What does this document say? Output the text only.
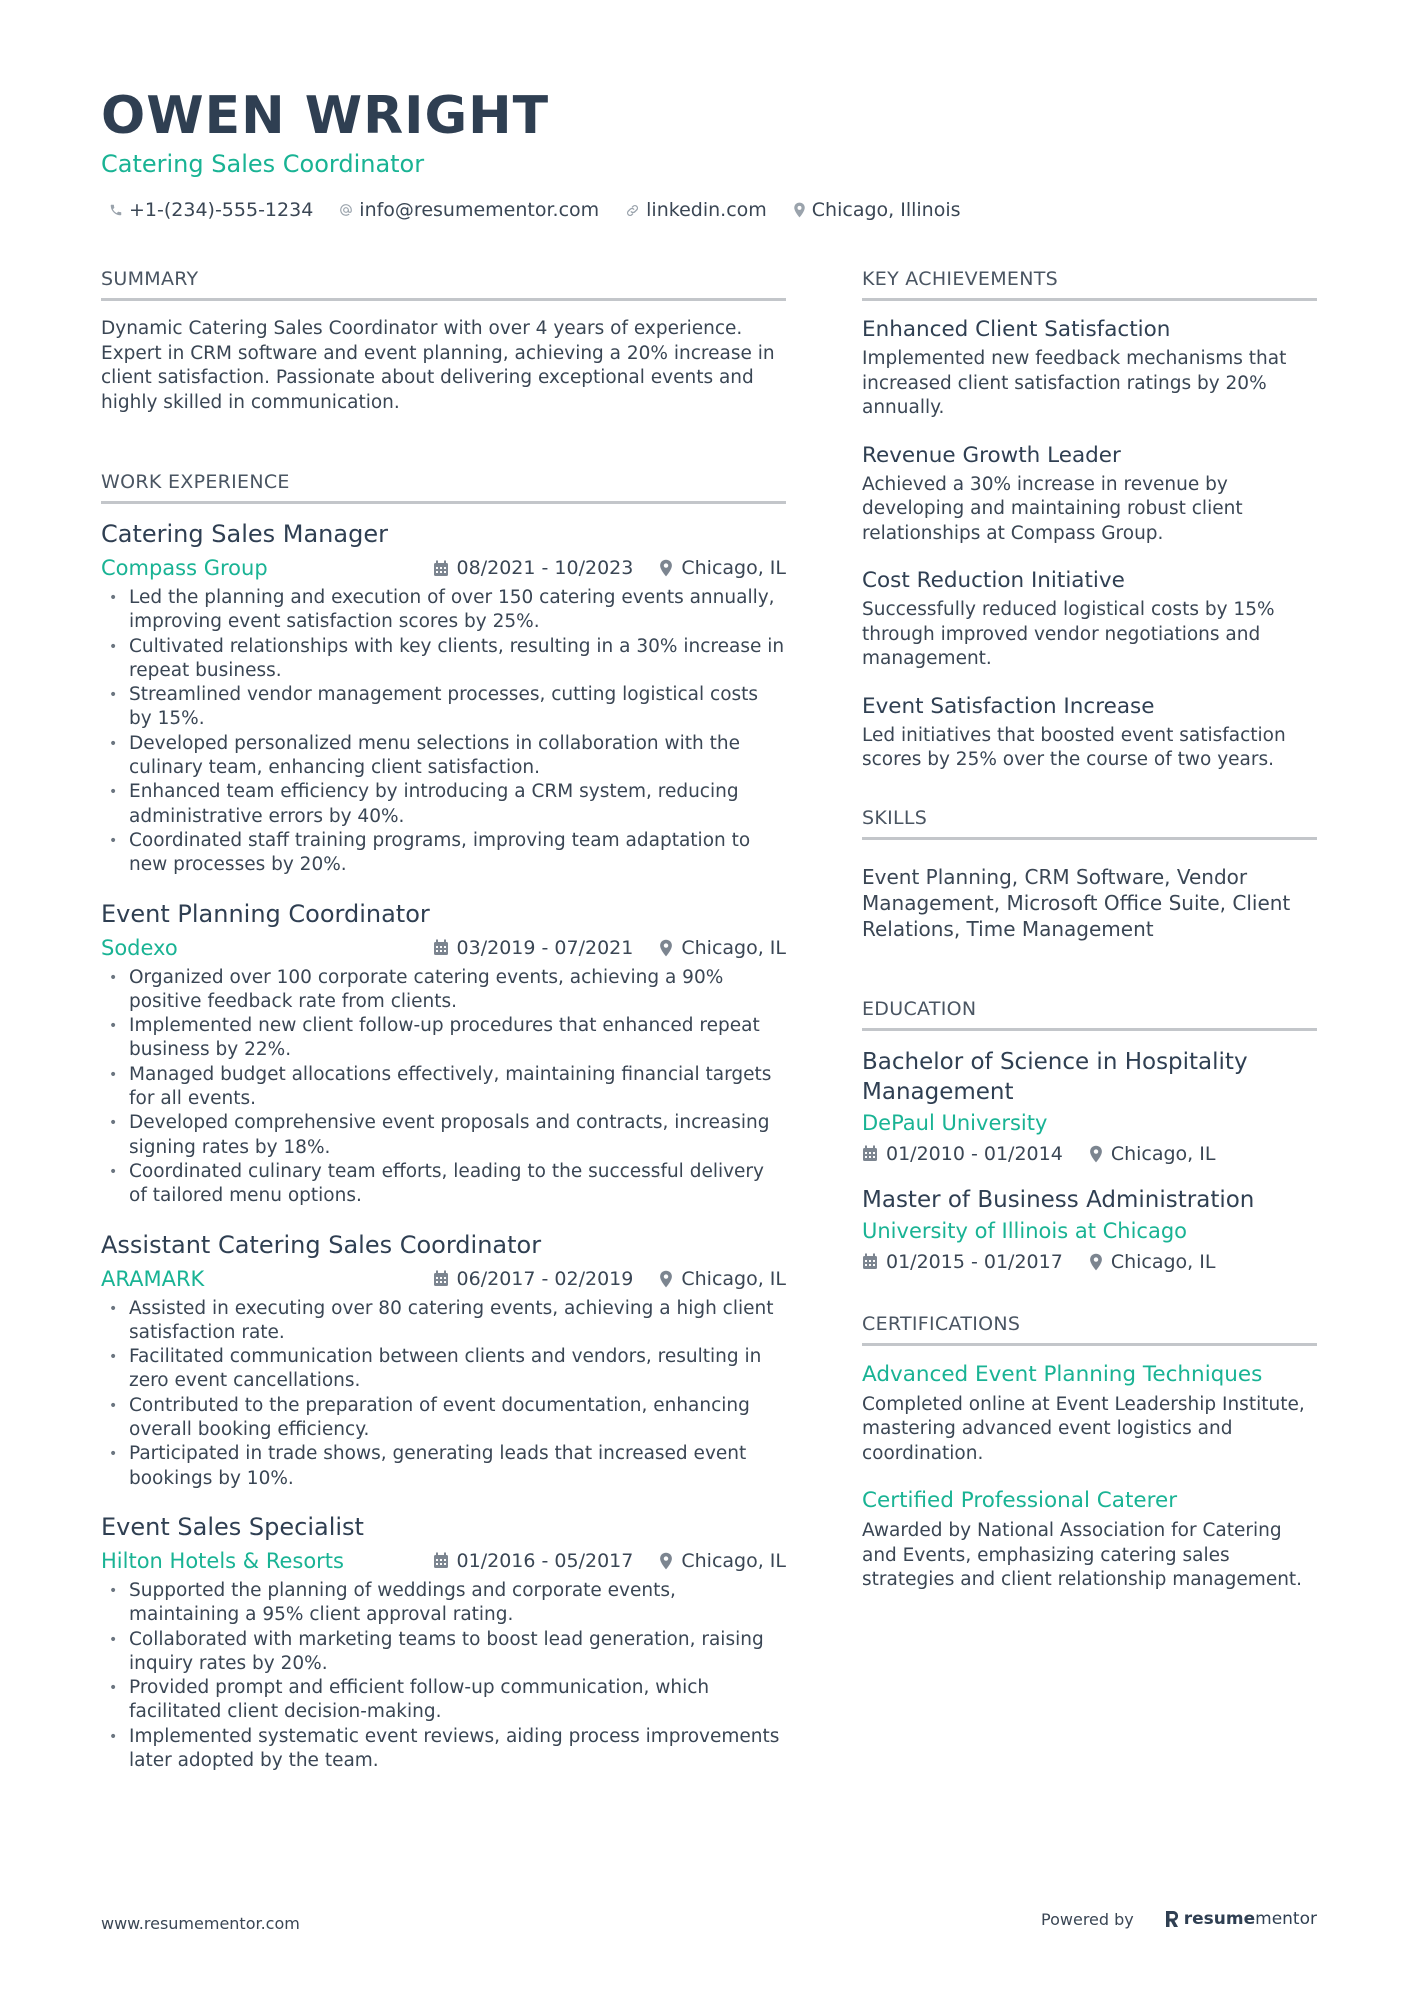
OWEN WRIGHT
Catering Sales Coordinator
+1-(234)-555-1234 info@resumementor.com linkedin.com Chicago, Illinois
SUMMARY
Dynamic Catering Sales Coordinator with over 4 years of experience. Expert in CRM software and event planning, achieving a 20% increase in client satisfaction. Passionate about delivering exceptional events and highly skilled in communication.
WORK EXPERIENCE
Catering Sales Manager
Compass Group	08/2021 - 10/2023	Chicago, IL
• Led the planning and execution of over 150 catering events annually, improving event satisfaction scores by 25%.
• Cultivated relationships with key clients, resulting in a 30% increase in repeat business.
• Streamlined vendor management processes, cutting logistical costs by 15%.
• Developed personalized menu selections in collaboration with the culinary team, enhancing client satisfaction.
• Enhanced team efficiency by introducing a CRM system, reducing administrative errors by 40%.
• Coordinated staff training programs, improving team adaptation to new processes by 20%.
Event Planning Coordinator
Sodexo	03/2019 - 07/2021	Chicago, IL
• Organized over 100 corporate catering events, achieving a 90% positive feedback rate from clients.
• Implemented new client follow-up procedures that enhanced repeat business by 22%.
• Managed budget allocations effectively, maintaining financial targets for all events.
• Developed comprehensive event proposals and contracts, increasing signing rates by 18%.
• Coordinated culinary team efforts, leading to the successful delivery of tailored menu options.
Assistant Catering Sales Coordinator
ARAMARK	06/2017 - 02/2019	Chicago, IL
• Assisted in executing over 80 catering events, achieving a high client satisfaction rate.
• Facilitated communication between clients and vendors, resulting in zero event cancellations.
• Contributed to the preparation of event documentation, enhancing overall booking efficiency.
• Participated in trade shows, generating leads that increased event bookings by 10%.
Event Sales Specialist
Hilton Hotels & Resorts	01/2016 - 05/2017	Chicago, IL
• Supported the planning of weddings and corporate events, maintaining a 95% client approval rating.
• Collaborated with marketing teams to boost lead generation, raising inquiry rates by 20%.
• Provided prompt and efficient follow-up communication, which facilitated client decision-making.
• Implemented systematic event reviews, aiding process improvements later adopted by the team.
KEY ACHIEVEMENTS
Enhanced Client Satisfaction
Implemented new feedback mechanisms that increased client satisfaction ratings by 20% annually.
Revenue Growth Leader
Achieved a 30% increase in revenue by developing and maintaining robust client relationships at Compass Group.
Cost Reduction Initiative
Successfully reduced logistical costs by 15% through improved vendor negotiations and management.
Event Satisfaction Increase
Led initiatives that boosted event satisfaction scores by 25% over the course of two years.
SKILLS
Event Planning, CRM Software, Vendor Management, Microsoft Office Suite, Client Relations, Time Management
EDUCATION
Bachelor of Science in Hospitality Management
DePaul University
01/2010 - 01/2014	Chicago, IL
Master of Business Administration
University of Illinois at Chicago
01/2015 - 01/2017	Chicago, IL
CERTIFICATIONS
Advanced Event Planning Techniques
Completed online at Event Leadership Institute, mastering advanced event logistics and coordination.
Certified Professional Caterer
Awarded by National Association for Catering and Events, emphasizing catering sales strategies and client relationship management.
www.resumementor.com	Powered by	resume mentor
